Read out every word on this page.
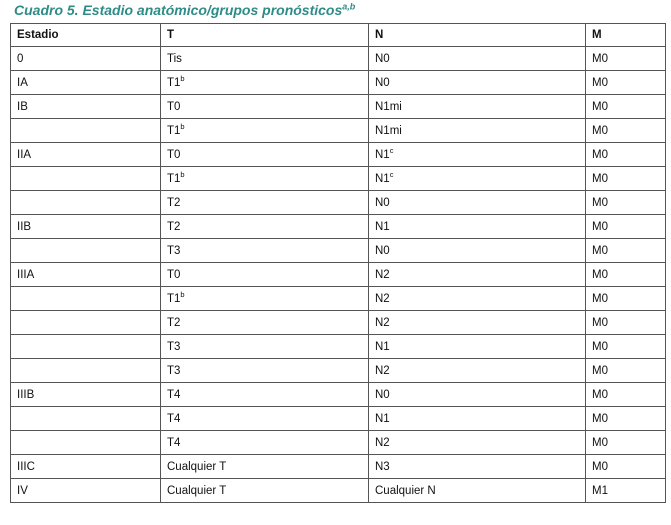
Cuadro 5. Estadio anatómico/grupos pronósticos$^{a,b}$
Estadio	T	N	M
0	Tis	N0	M0
IA	T1$^b$	N0	M0
IB	T0	N1mi	M0
	T1$^b$	N1mi	M0
IIA	T0	N1$^c$	M0
	T1$^b$	N1$^c$	M0
	T2	N0	M0
IIB	T2	N1	M0
	T3	N0	M0
IIIA	T0	N2	M0
	T1$^b$	N2	M0
	T2	N2	M0
	T3	N1	M0
	T3	N2	M0
IIIB	T4	N0	M0
	T4	N1	M0
	T4	N2	M0
IIIC	Cualquier T	N3	M0
IV	Cualquier T	Cualquier N	M1
